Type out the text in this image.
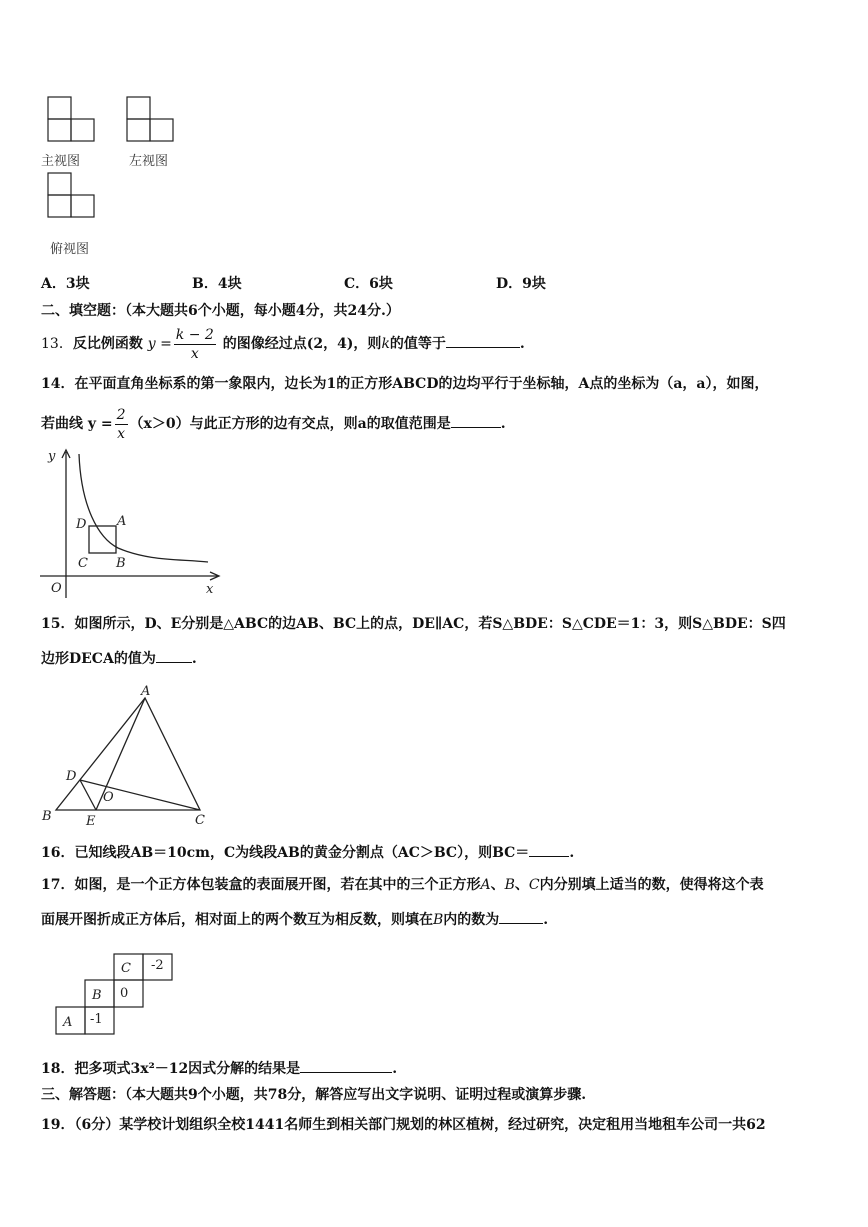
主视图	左视图
俯视图
A．3块	B．4块	C．6块	D．9块
二、填空题：（本大题共6个小题，每小题4分，共24分.）
13．反比例函数 $y = \frac{k - 2}{x}$ 的图像经过点(2，4)，则k的值等于	.
14．在平面直角坐标系的第一象限内，边长为1的正方形ABCD的边均平行于坐标轴，A点的坐标为（a，a），如图，
若曲线 $y = \frac{2}{x} (x>0)$与此正方形的边有交点，则a的取值范围是	.
y
x
O
A
B
C
D
15．如图所示，D、E分别是△ABC的边AB、BC上的点，DE∥AC，若S△BDE：S△CDE＝1：3，则S△BDE：S四
边形DECA的值为	.
A
B	C
D
E
O
16．已知线段AB＝10cm，C为线段AB的黄金分割点（AC＞BC），则BC＝	.
17．如图，是一个正方体包装盒的表面展开图，若在其中的三个正方形A、B、C内分别填上适当的数，使得将这个表
面展开图折成正方体后，相对面上的两个数互为相反数，则填在B内的数为	.
C -2
B 0
A -1
18．把多项式3x²－12因式分解的结果是	.
三、解答题：（本大题共9个小题，共78分，解答应写出文字说明、证明过程或演算步骤.
19．（6分）某学校计划组织全校1441名师生到相关部门规划的林区植树，经过研究，决定租用当地租车公司一共62
